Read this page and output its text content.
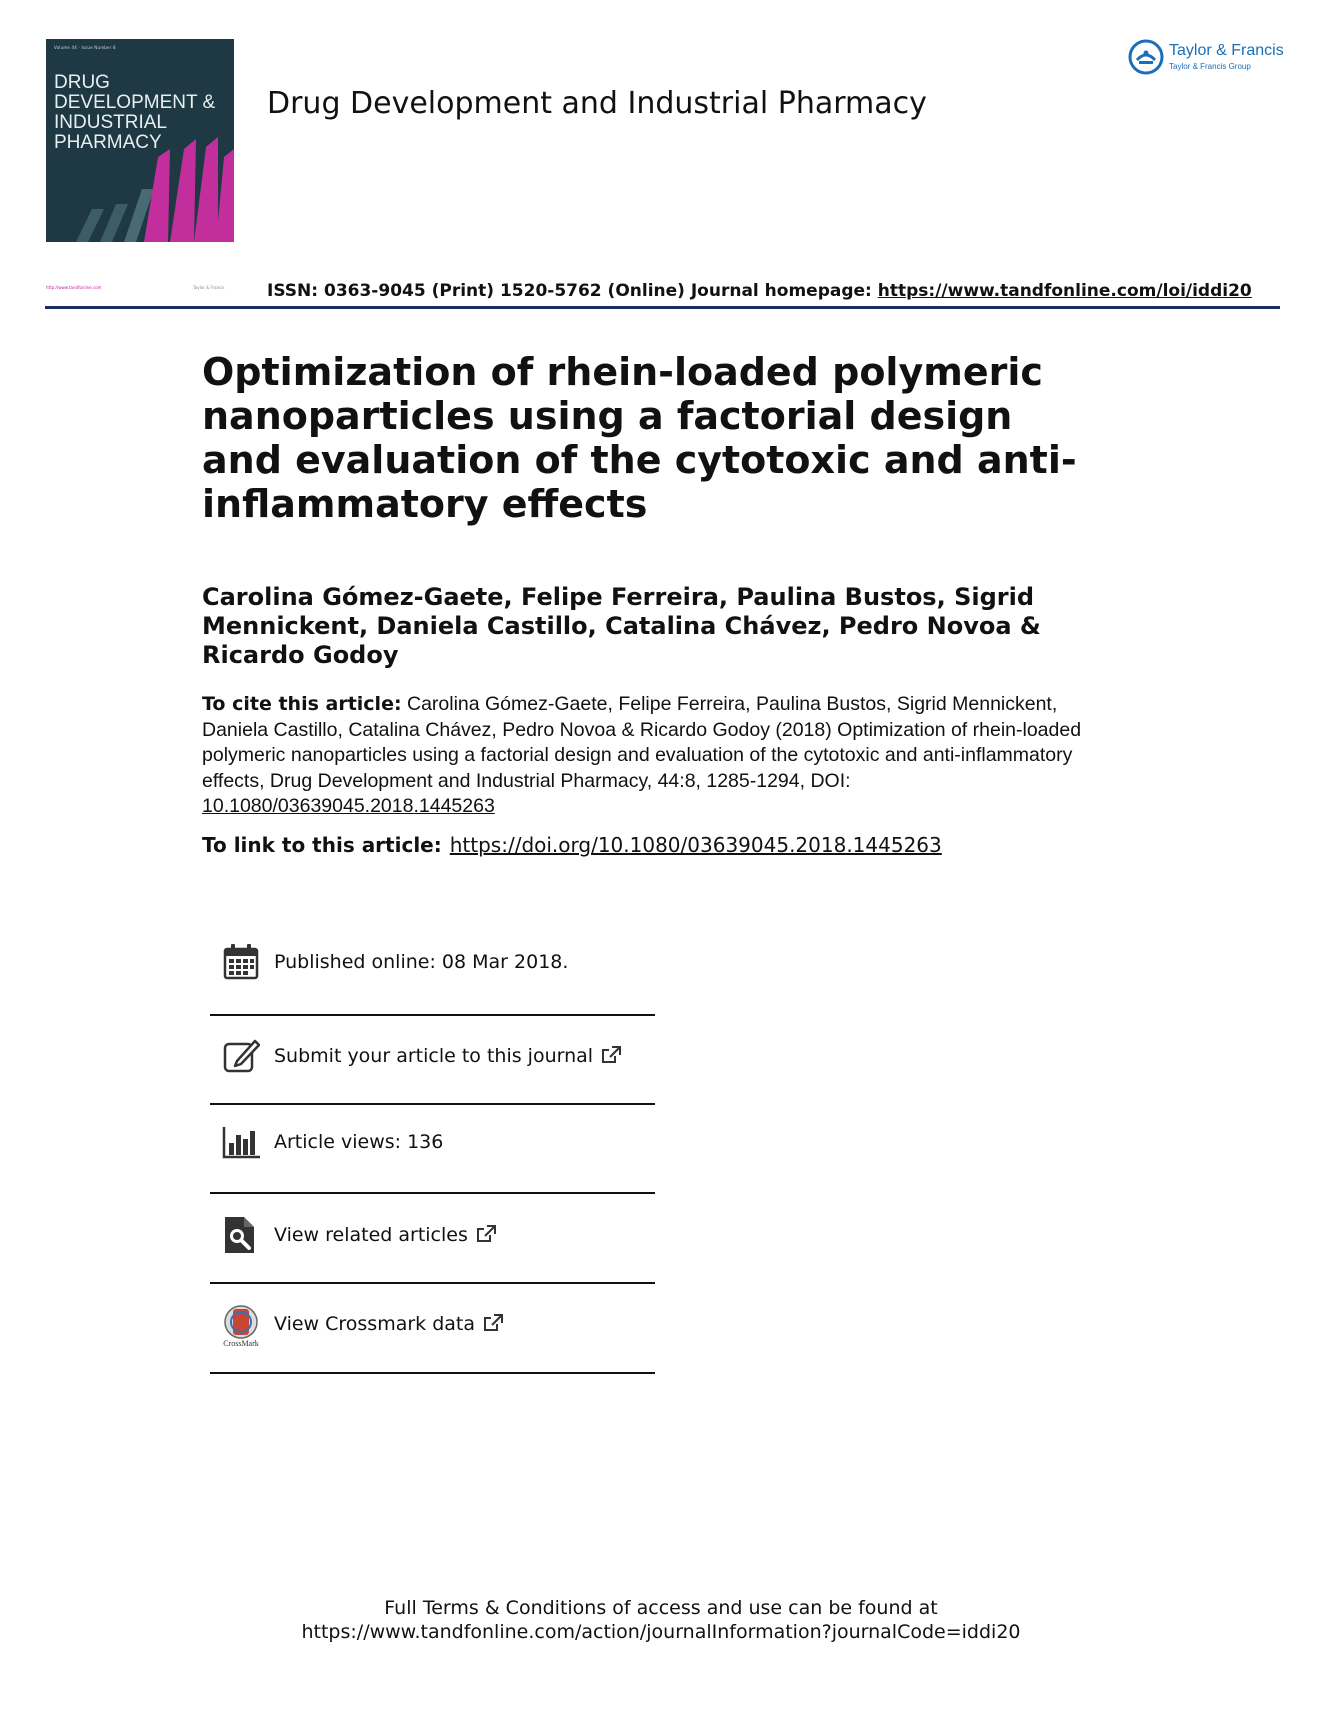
Volume 44 · Issue Number 8
DRUG DEVELOPMENT & INDUSTRIAL PHARMACY
Drug Development and Industrial Pharmacy
Taylor & Francis
Taylor & Francis Group
http://www.tandfonline.com	Taylor & Francis	ISSN: 0363-9045 (Print) 1520-5762 (Online) Journal homepage: https://www.tandfonline.com/loi/iddi20
Optimization of rhein-loaded polymeric nanoparticles using a factorial design and evaluation of the cytotoxic and anti-inflammatory effects
Carolina Gómez-Gaete, Felipe Ferreira, Paulina Bustos, Sigrid Mennickent, Daniela Castillo, Catalina Chávez, Pedro Novoa & Ricardo Godoy
To cite this article: Carolina Gómez-Gaete, Felipe Ferreira, Paulina Bustos, Sigrid Mennickent, Daniela Castillo, Catalina Chávez, Pedro Novoa & Ricardo Godoy (2018) Optimization of rhein-loaded polymeric nanoparticles using a factorial design and evaluation of the cytotoxic and anti-inflammatory effects, Drug Development and Industrial Pharmacy, 44:8, 1285-1294, DOI: 10.1080/03639045.2018.1445263
To link to this article: https://doi.org/10.1080/03639045.2018.1445263
Published online: 08 Mar 2018.
Submit your article to this journal
Article views: 136
View related articles
CrossMark
View Crossmark data
Full Terms & Conditions of access and use can be found at
https://www.tandfonline.com/action/journalInformation?journalCode=iddi20
